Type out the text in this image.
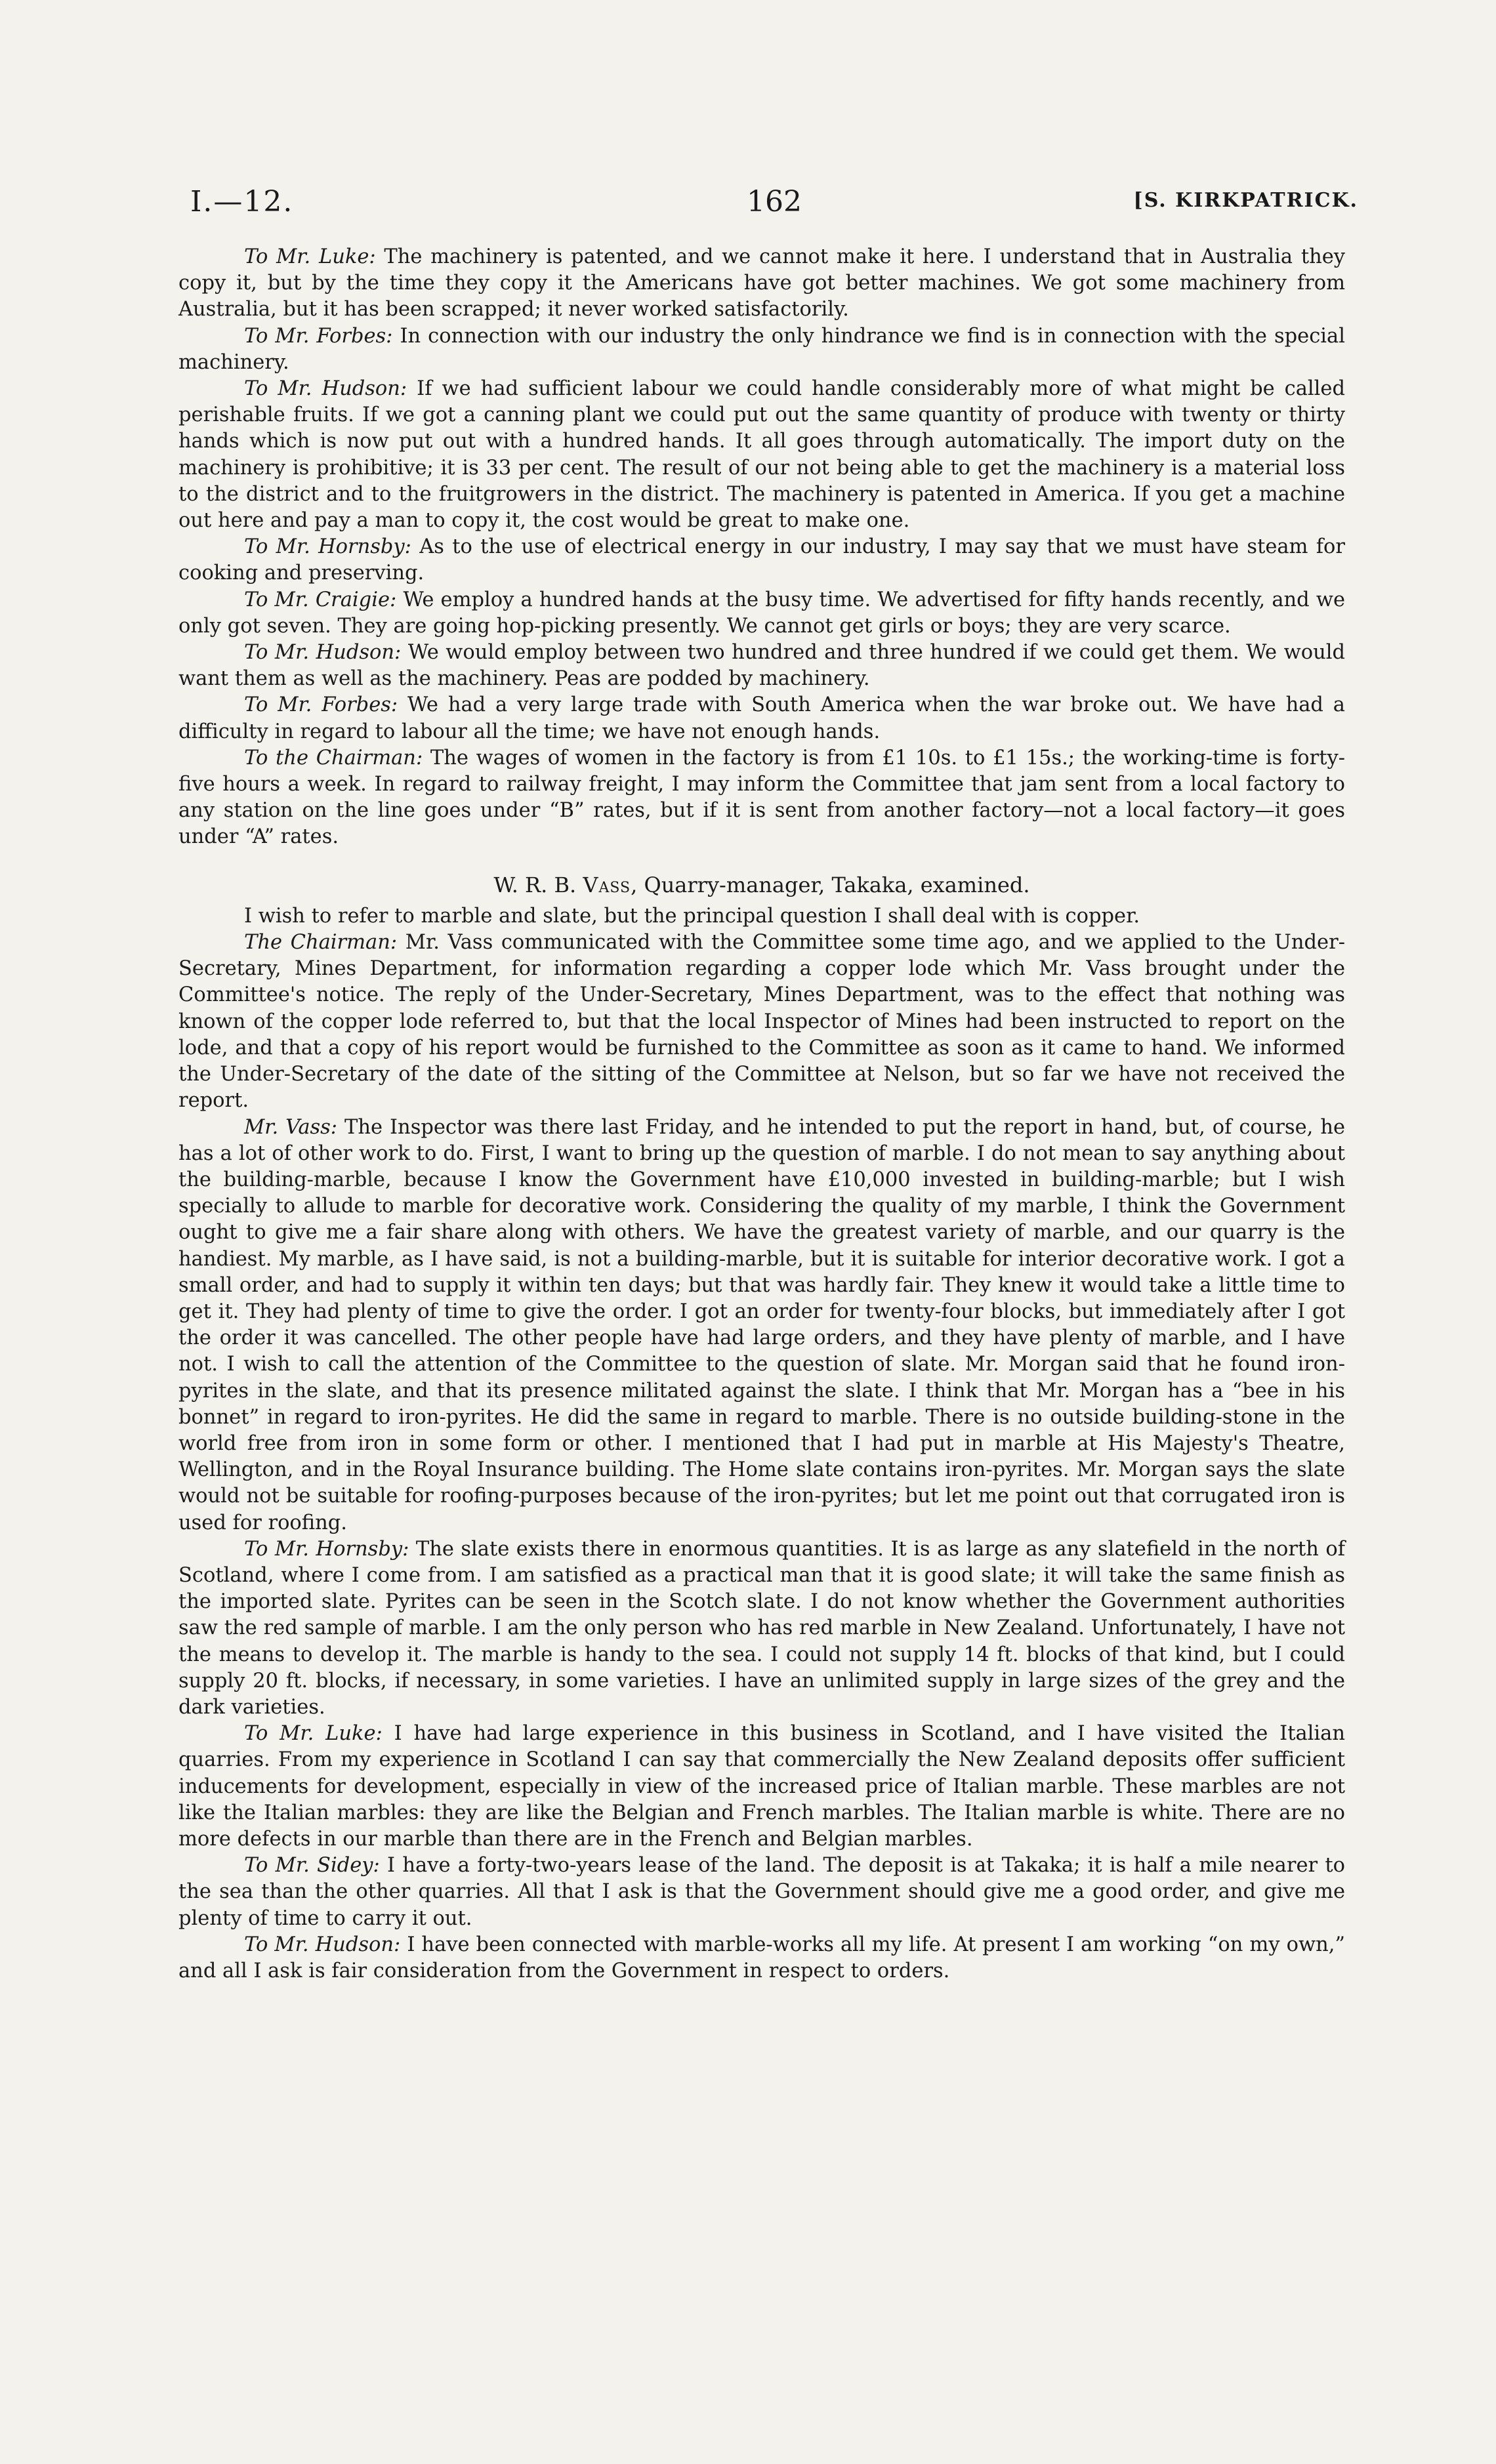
I.—12.	162	[S. KIRKPATRICK.

To Mr. Luke: The machinery is patented, and we cannot make it here. I understand that in Australia they copy it, but by the time they copy it the Americans have got better machines. We got some machinery from Australia, but it has been scrapped; it never worked satisfactorily.

To Mr. Forbes: In connection with our industry the only hindrance we find is in connection with the special machinery.

To Mr. Hudson: If we had sufficient labour we could handle considerably more of what might be called perishable fruits. If we got a canning plant we could put out the same quantity of produce with twenty or thirty hands which is now put out with a hundred hands. It all goes through automatically. The import duty on the machinery is prohibitive; it is 33 per cent. The result of our not being able to get the machinery is a material loss to the district and to the fruitgrowers in the district. The machinery is patented in America. If you get a machine out here and pay a man to copy it, the cost would be great to make one.

To Mr. Hornsby: As to the use of electrical energy in our industry, I may say that we must have steam for cooking and preserving.

To Mr. Craigie: We employ a hundred hands at the busy time. We advertised for fifty hands recently, and we only got seven. They are going hop-picking presently. We cannot get girls or boys; they are very scarce.

To Mr. Hudson: We would employ between two hundred and three hundred if we could get them. We would want them as well as the machinery. Peas are podded by machinery.

To Mr. Forbes: We had a very large trade with South America when the war broke out. We have had a difficulty in regard to labour all the time; we have not enough hands.

To the Chairman: The wages of women in the factory is from £1 10s. to £1 15s.; the working-time is forty-five hours a week. In regard to railway freight, I may inform the Committee that jam sent from a local factory to any station on the line goes under “B” rates, but if it is sent from another factory—not a local factory—it goes under “A” rates.

W. R. B. Vass, Quarry-manager, Takaka, examined.

I wish to refer to marble and slate, but the principal question I shall deal with is copper.

The Chairman: Mr. Vass communicated with the Committee some time ago, and we applied to the Under-Secretary, Mines Department, for information regarding a copper lode which Mr. Vass brought under the Committee's notice. The reply of the Under-Secretary, Mines Department, was to the effect that nothing was known of the copper lode referred to, but that the local Inspector of Mines had been instructed to report on the lode, and that a copy of his report would be furnished to the Committee as soon as it came to hand. We informed the Under-Secretary of the date of the sitting of the Committee at Nelson, but so far we have not received the report.

Mr. Vass: The Inspector was there last Friday, and he intended to put the report in hand, but, of course, he has a lot of other work to do. First, I want to bring up the question of marble. I do not mean to say anything about the building-marble, because I know the Government have £10,000 invested in building-marble; but I wish specially to allude to marble for decorative work. Considering the quality of my marble, I think the Government ought to give me a fair share along with others. We have the greatest variety of marble, and our quarry is the handiest. My marble, as I have said, is not a building-marble, but it is suitable for interior decorative work. I got a small order, and had to supply it within ten days; but that was hardly fair. They knew it would take a little time to get it. They had plenty of time to give the order. I got an order for twenty-four blocks, but immediately after I got the order it was cancelled. The other people have had large orders, and they have plenty of marble, and I have not. I wish to call the attention of the Committee to the question of slate. Mr. Morgan said that he found iron-pyrites in the slate, and that its presence militated against the slate. I think that Mr. Morgan has a “bee in his bonnet” in regard to iron-pyrites. He did the same in regard to marble. There is no outside building-stone in the world free from iron in some form or other. I mentioned that I had put in marble at His Majesty's Theatre, Wellington, and in the Royal Insurance building. The Home slate contains iron-pyrites. Mr. Morgan says the slate would not be suitable for roofing-purposes because of the iron-pyrites; but let me point out that corrugated iron is used for roofing.

To Mr. Hornsby: The slate exists there in enormous quantities. It is as large as any slatefield in the north of Scotland, where I come from. I am satisfied as a practical man that it is good slate; it will take the same finish as the imported slate. Pyrites can be seen in the Scotch slate. I do not know whether the Government authorities saw the red sample of marble. I am the only person who has red marble in New Zealand. Unfortunately, I have not the means to develop it. The marble is handy to the sea. I could not supply 14 ft. blocks of that kind, but I could supply 20 ft. blocks, if necessary, in some varieties. I have an unlimited supply in large sizes of the grey and the dark varieties.

To Mr. Luke: I have had large experience in this business in Scotland, and I have visited the Italian quarries. From my experience in Scotland I can say that commercially the New Zealand deposits offer sufficient inducements for development, especially in view of the increased price of Italian marble. These marbles are not like the Italian marbles: they are like the Belgian and French marbles. The Italian marble is white. There are no more defects in our marble than there are in the French and Belgian marbles.

To Mr. Sidey: I have a forty-two-years lease of the land. The deposit is at Takaka; it is half a mile nearer to the sea than the other quarries. All that I ask is that the Government should give me a good order, and give me plenty of time to carry it out.

To Mr. Hudson: I have been connected with marble-works all my life. At present I am working “on my own,” and all I ask is fair consideration from the Government in respect to orders.
